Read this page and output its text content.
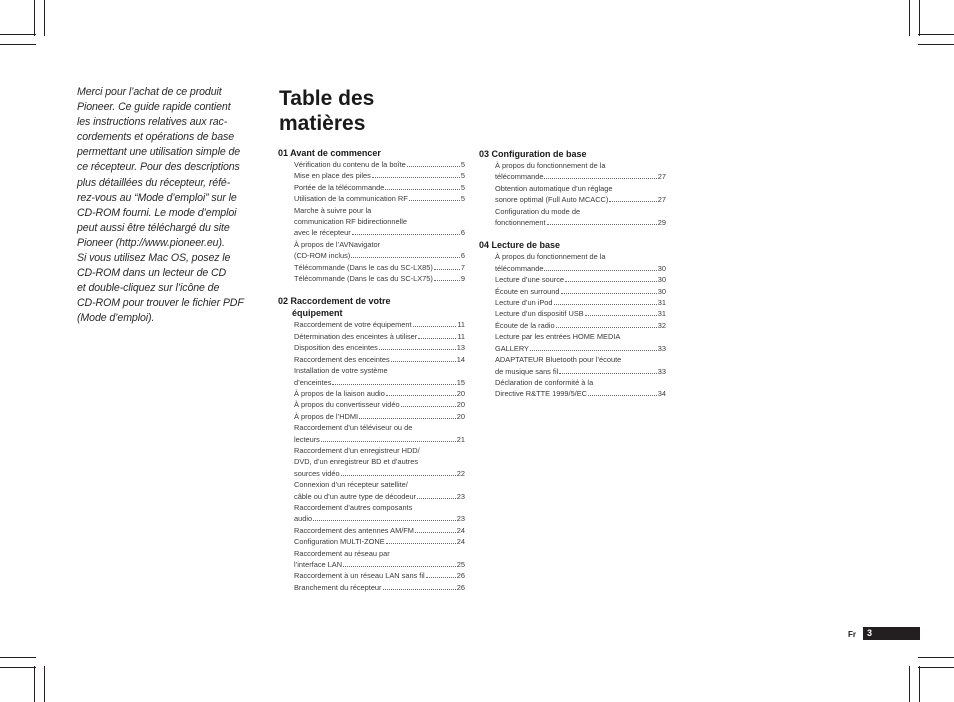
Merci pour l’achat de ce produit
Pioneer. Ce guide rapide contient
les instructions relatives aux rac-
cordements et opérations de base
permettant une utilisation simple de
ce récepteur. Pour des descriptions
plus détaillées du récepteur, réfé-
rez-vous au “Mode d’emploi” sur le
CD-ROM fourni. Le mode d’emploi
peut aussi être téléchargé du site
Pioneer (http://www.pioneer.eu).
Si vous utilisez Mac OS, posez le
CD-ROM dans un lecteur de CD
et double-cliquez sur l’icône de
CD-ROM pour trouver le fichier PDF
(Mode d’emploi).
Table des
matières
01 Avant de commencer
Vérification du contenu de la boîte	5
Mise en place des piles	5
Portée de la télécommande	5
Utilisation de la communication RF	5
Marche à suivre pour la
communication RF bidirectionnelle
avec le récepteur	6
À propos de l’AVNavigator
(CD-ROM inclus)	6
Télécommande (Dans le cas du SC-LX85)	7
Télécommande (Dans le cas du SC-LX75)	9
02 Raccordement de votre
équipement
Raccordement de votre équipement	11
Détermination des enceintes à utiliser	11
Disposition des enceintes	13
Raccordement des enceintes	14
Installation de votre système
d’enceintes	15
À propos de la liaison audio	20
À propos du convertisseur vidéo	20
À propos de l’HDMI	20
Raccordement d’un téléviseur ou de
lecteurs	21
Raccordement d’un enregistreur HDD/
DVD, d’un enregistreur BD et d’autres
sources vidéo	22
Connexion d’un récepteur satellite/
câble ou d’un autre type de décodeur	23
Raccordement d’autres composants
audio	23
Raccordement des antennes AM/FM	24
Configuration MULTI-ZONE	24
Raccordement au réseau par
l’interface LAN	25
Raccordement à un réseau LAN sans fil	26
Branchement du récepteur	26
03 Configuration de base
À propos du fonctionnement de la
télécommande	27
Obtention automatique d’un réglage
sonore optimal (Full Auto MCACC)	27
Configuration du mode de
fonctionnement	29
04 Lecture de base
À propos du fonctionnement de la
télécommande	30
Lecture d’une source	30
Écoute en surround	30
Lecture d’un iPod	31
Lecture d’un dispositif USB	31
Écoute de la radio	32
Lecture par les entrées HOME MEDIA
GALLERY	33
ADAPTATEUR Bluetooth pour l’écoute
de musique sans fil	33
Déclaration de conformité à la
Directive R&TTE 1999/5/EC	34
Fr 3
